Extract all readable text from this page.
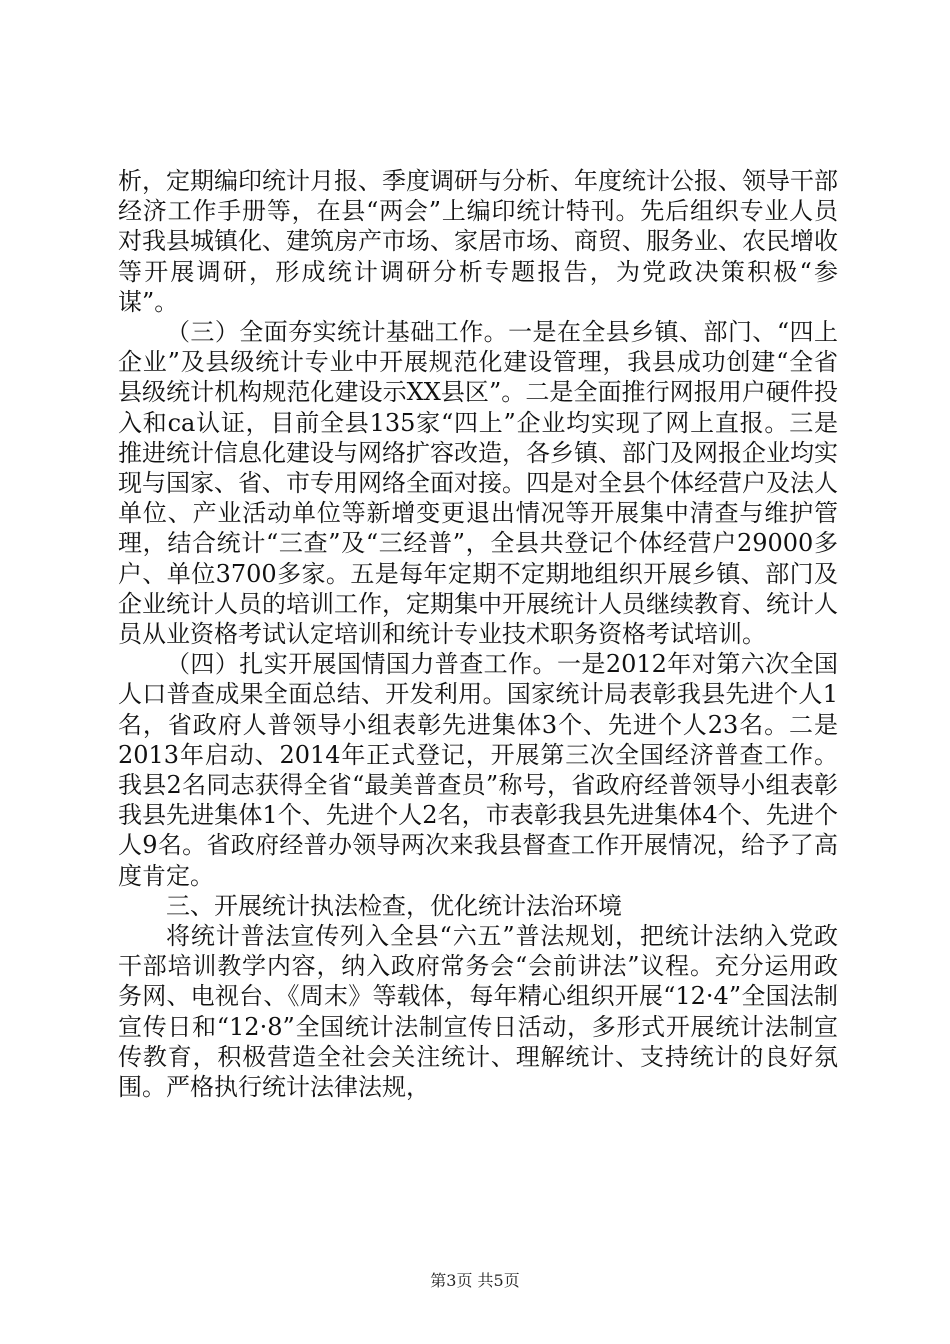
析，定期编印统计月报、季度调研与分析、年度统计公报、领导干部经济工作手册等，在县“两会”上编印统计特刊。先后组织专业人员对我县城镇化、建筑房产市场、家居市场、商贸、服务业、农民增收等开展调研，形成统计调研分析专题报告，为党政决策积极“参谋”。

（三）全面夯实统计基础工作。一是在全县乡镇、部门、“四上企业”及县级统计专业中开展规范化建设管理，我县成功创建“全省县级统计机构规范化建设示XX县区”。二是全面推行网报用户硬件投入和ca认证，目前全县135家“四上”企业均实现了网上直报。三是推进统计信息化建设与网络扩容改造，各乡镇、部门及网报企业均实现与国家、省、市专用网络全面对接。四是对全县个体经营户及法人单位、产业活动单位等新增变更退出情况等开展集中清查与维护管理，结合统计“三查”及“三经普”，全县共登记个体经营户29000多户、单位3700多家。五是每年定期不定期地组织开展乡镇、部门及企业统计人员的培训工作，定期集中开展统计人员继续教育、统计人员从业资格考试认定培训和统计专业技术职务资格考试培训。

（四）扎实开展国情国力普查工作。一是2012年对第六次全国人口普查成果全面总结、开发利用。国家统计局表彰我县先进个人1名，省政府人普领导小组表彰先进集体3个、先进个人23名。二是2013年启动、2014年正式登记，开展第三次全国经济普查工作。我县2名同志获得全省“最美普查员”称号，省政府经普领导小组表彰我县先进集体1个、先进个人2名，市表彰我县先进集体4个、先进个人9名。省政府经普办领导两次来我县督查工作开展情况，给予了高度肯定。

三、开展统计执法检查，优化统计法治环境

将统计普法宣传列入全县“六五”普法规划，把统计法纳入党政干部培训教学内容，纳入政府常务会“会前讲法”议程。充分运用政务网、电视台、《周末》等载体，每年精心组织开展“12·4”全国法制宣传日和“12·8”全国统计法制宣传日活动，多形式开展统计法制宣传教育，积极营造全社会关注统计、理解统计、支持统计的良好氛围。严格执行统计法律法规，

第3页 共5页
